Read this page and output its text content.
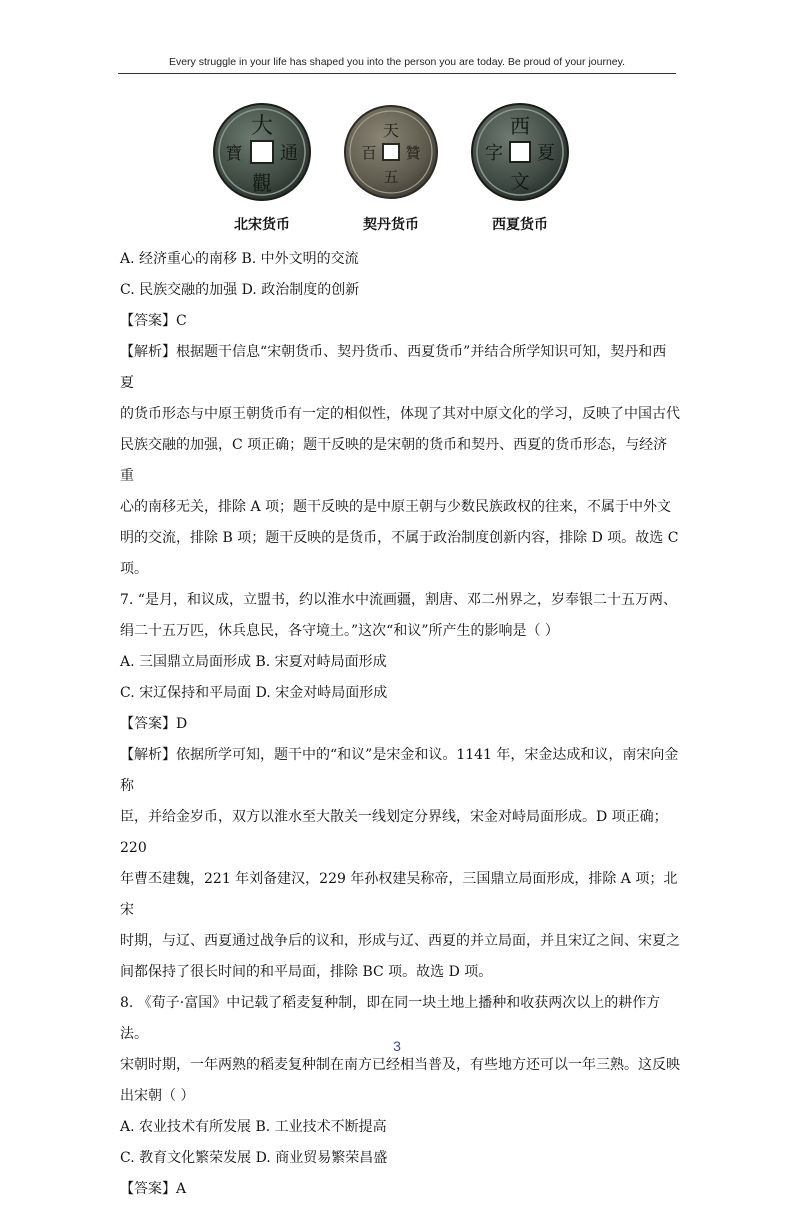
Every struggle in your life has shaped you into the person you are today. Be proud of your journey.
大
通
觀
寶
天
贊
五
百
西
夏
文
字
北宋货币	契丹货币	西夏货币

A. 经济重心的南移 B. 中外文明的交流

C. 民族交融的加强 D. 政治制度的创新

【答案】C

【解析】根据题干信息“宋朝货币、契丹货币、西夏货币”并结合所学知识可知，契丹和西夏

的货币形态与中原王朝货币有一定的相似性，体现了其对中原文化的学习，反映了中国古代

民族交融的加强，C 项正确；题干反映的是宋朝的货币和契丹、西夏的货币形态，与经济重

心的南移无关，排除 A 项；题干反映的是中原王朝与少数民族政权的往来，不属于中外文

明的交流，排除 B 项；题干反映的是货币，不属于政治制度创新内容，排除 D 项。故选 C

项。

7. “是月，和议成，立盟书，约以淮水中流画疆，割唐、邓二州界之，岁奉银二十五万两、

绢二十五万匹，休兵息民，各守境土。”这次“和议”所产生的影响是（ ）

A. 三国鼎立局面形成 B. 宋夏对峙局面形成

C. 宋辽保持和平局面 D. 宋金对峙局面形成

【答案】D

【解析】依据所学可知，题干中的“和议”是宋金和议。1141 年，宋金达成和议，南宋向金称

臣，并给金岁币，双方以淮水至大散关一线划定分界线，宋金对峙局面形成。D 项正确；220

年曹丕建魏，221 年刘备建汉，229 年孙权建吴称帝，三国鼎立局面形成，排除 A 项；北宋

时期，与辽、西夏通过战争后的议和，形成与辽、西夏的并立局面，并且宋辽之间、宋夏之

间都保持了很长时间的和平局面，排除 BC 项。故选 D 项。

8. 《荀子·富国》中记载了稻麦复种制，即在同一块土地上播种和收获两次以上的耕作方法。

宋朝时期，一年两熟的稻麦复种制在南方已经相当普及，有些地方还可以一年三熟。这反映

出宋朝（ ）

A. 农业技术有所发展 B. 工业技术不断提高

C. 教育文化繁荣发展 D. 商业贸易繁荣昌盛

【答案】A

3
